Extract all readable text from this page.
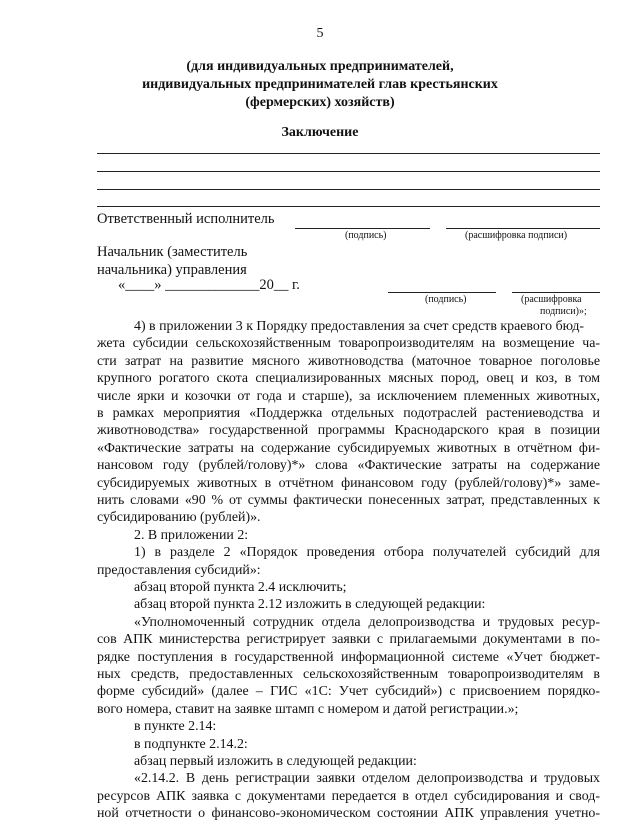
5
(для индивидуальных предпринимателей,
индивидуальных предпринимателей глав крестьянских
(фермерских) хозяйств)
Заключение
Ответственный исполнитель
(подпись)	(расшифровка подписи)
Начальник (заместитель
начальника) управления
«____» _____________20__ г.
(подпись)	(расшифровка
подписи)»;
4) в приложении 3 к Порядку предоставления за счет средств краевого бюд-
жета субсидии сельскохозяйственным товаропроизводителям на возмещение ча-
сти затрат на развитие мясного животноводства (маточное товарное поголовье
крупного рогатого скота специализированных мясных пород, овец и коз, в том
числе ярки и козочки от года и старше), за исключением племенных животных,
в рамках мероприятия «Поддержка отдельных подотраслей растениеводства и
животноводства» государственной программы Краснодарского края в позиции
«Фактические затраты на содержание субсидируемых животных в отчётном фи-
нансовом году (рублей/голову)*» слова «Фактические затраты на содержание
субсидируемых животных в отчётном финансовом году (рублей/голову)*» заме-
нить словами «90 % от суммы фактически понесенных затрат, представленных к
субсидированию (рублей)».
2. В приложении 2:
1) в разделе 2 «Порядок проведения отбора получателей субсидий для
предоставления субсидий»:
абзац второй пункта 2.4 исключить;
абзац второй пункта 2.12 изложить в следующей редакции:
«Уполномоченный сотрудник отдела делопроизводства и трудовых ресур-
сов АПК министерства регистрирует заявки с прилагаемыми документами в по-
рядке поступления в государственной информационной системе «Учет бюджет-
ных средств, предоставленных сельскохозяйственным товаропроизводителям в
форме субсидий» (далее – ГИС «1С: Учет субсидий») с присвоением порядко-
вого номера, ставит на заявке штамп с номером и датой регистрации.»;
в пункте 2.14:
в подпункте 2.14.2:
абзац первый изложить в следующей редакции:
«2.14.2. В день регистрации заявки отделом делопроизводства и трудовых
ресурсов АПК заявка с документами передается в отдел субсидирования и свод-
ной отчетности о финансово-экономическом состоянии АПК управления учетно-
